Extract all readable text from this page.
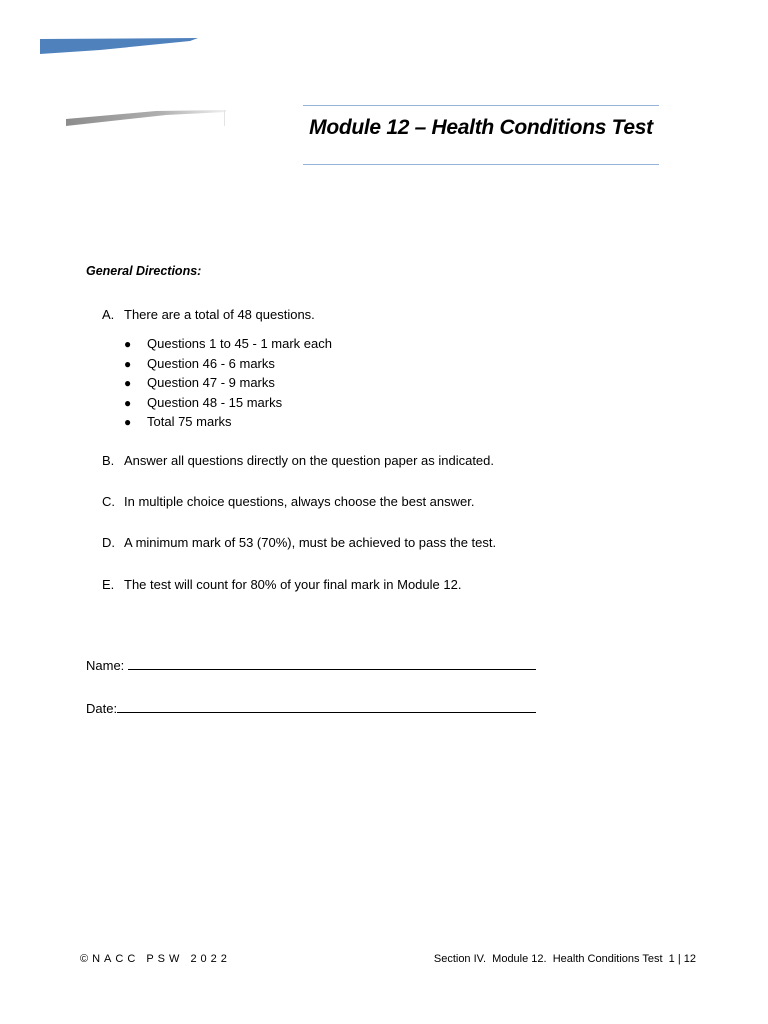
Module 12 – Health Conditions Test
General Directions:
A. There are a total of 48 questions.
● Questions 1 to 45 - 1 mark each
● Question 46 - 6 marks
● Question 47 - 9 marks
● Question 48 - 15 marks
● Total 75 marks
B. Answer all questions directly on the question paper as indicated.
C. In multiple choice questions, always choose the best answer.
D. A minimum mark of 53 (70%), must be achieved to pass the test.
E. The test will count for 80% of your final mark in Module 12.
Name:
Date:
©NACC PSW 2022	Section IV.  Module 12.  Health Conditions Test  1 | 12
